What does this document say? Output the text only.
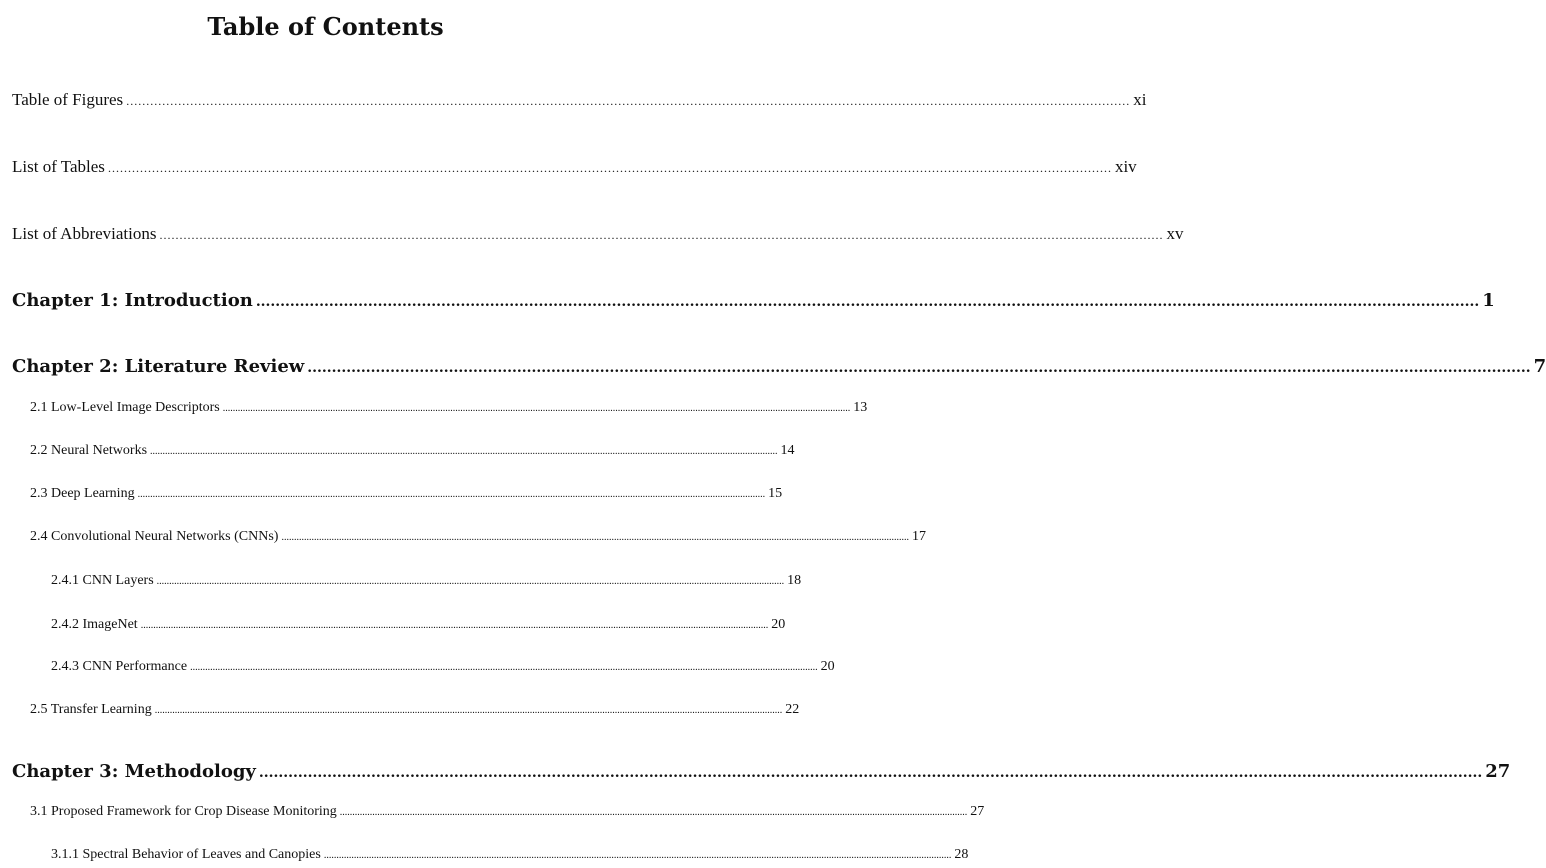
Table of Contents
Table of Figures ........................................................................................................................................................................................................................................................... xi
List of Tables ........................................................................................................................................................................................................................................................... xiv
List of Abbreviations ........................................................................................................................................................................................................................................................... xv
Chapter 1: Introduction ........................................................................................................................................................................................................................................................... 1
Chapter 2: Literature Review ........................................................................................................................................................................................................................................................... 7
2.1 Low-Level Image Descriptors ........................................................................................................................................................................................................................................................... 13
2.2 Neural Networks ........................................................................................................................................................................................................................................................... 14
2.3 Deep Learning ........................................................................................................................................................................................................................................................... 15
2.4 Convolutional Neural Networks (CNNs) ........................................................................................................................................................................................................................................................... 17
2.4.1 CNN Layers ........................................................................................................................................................................................................................................................... 18
2.4.2 ImageNet ........................................................................................................................................................................................................................................................... 20
2.4.3 CNN Performance ........................................................................................................................................................................................................................................................... 20
2.5 Transfer Learning ........................................................................................................................................................................................................................................................... 22
Chapter 3: Methodology ........................................................................................................................................................................................................................................................... 27
3.1 Proposed Framework for Crop Disease Monitoring ........................................................................................................................................................................................................................................................... 27
3.1.1 Spectral Behavior of Leaves and Canopies ........................................................................................................................................................................................................................................................... 28
